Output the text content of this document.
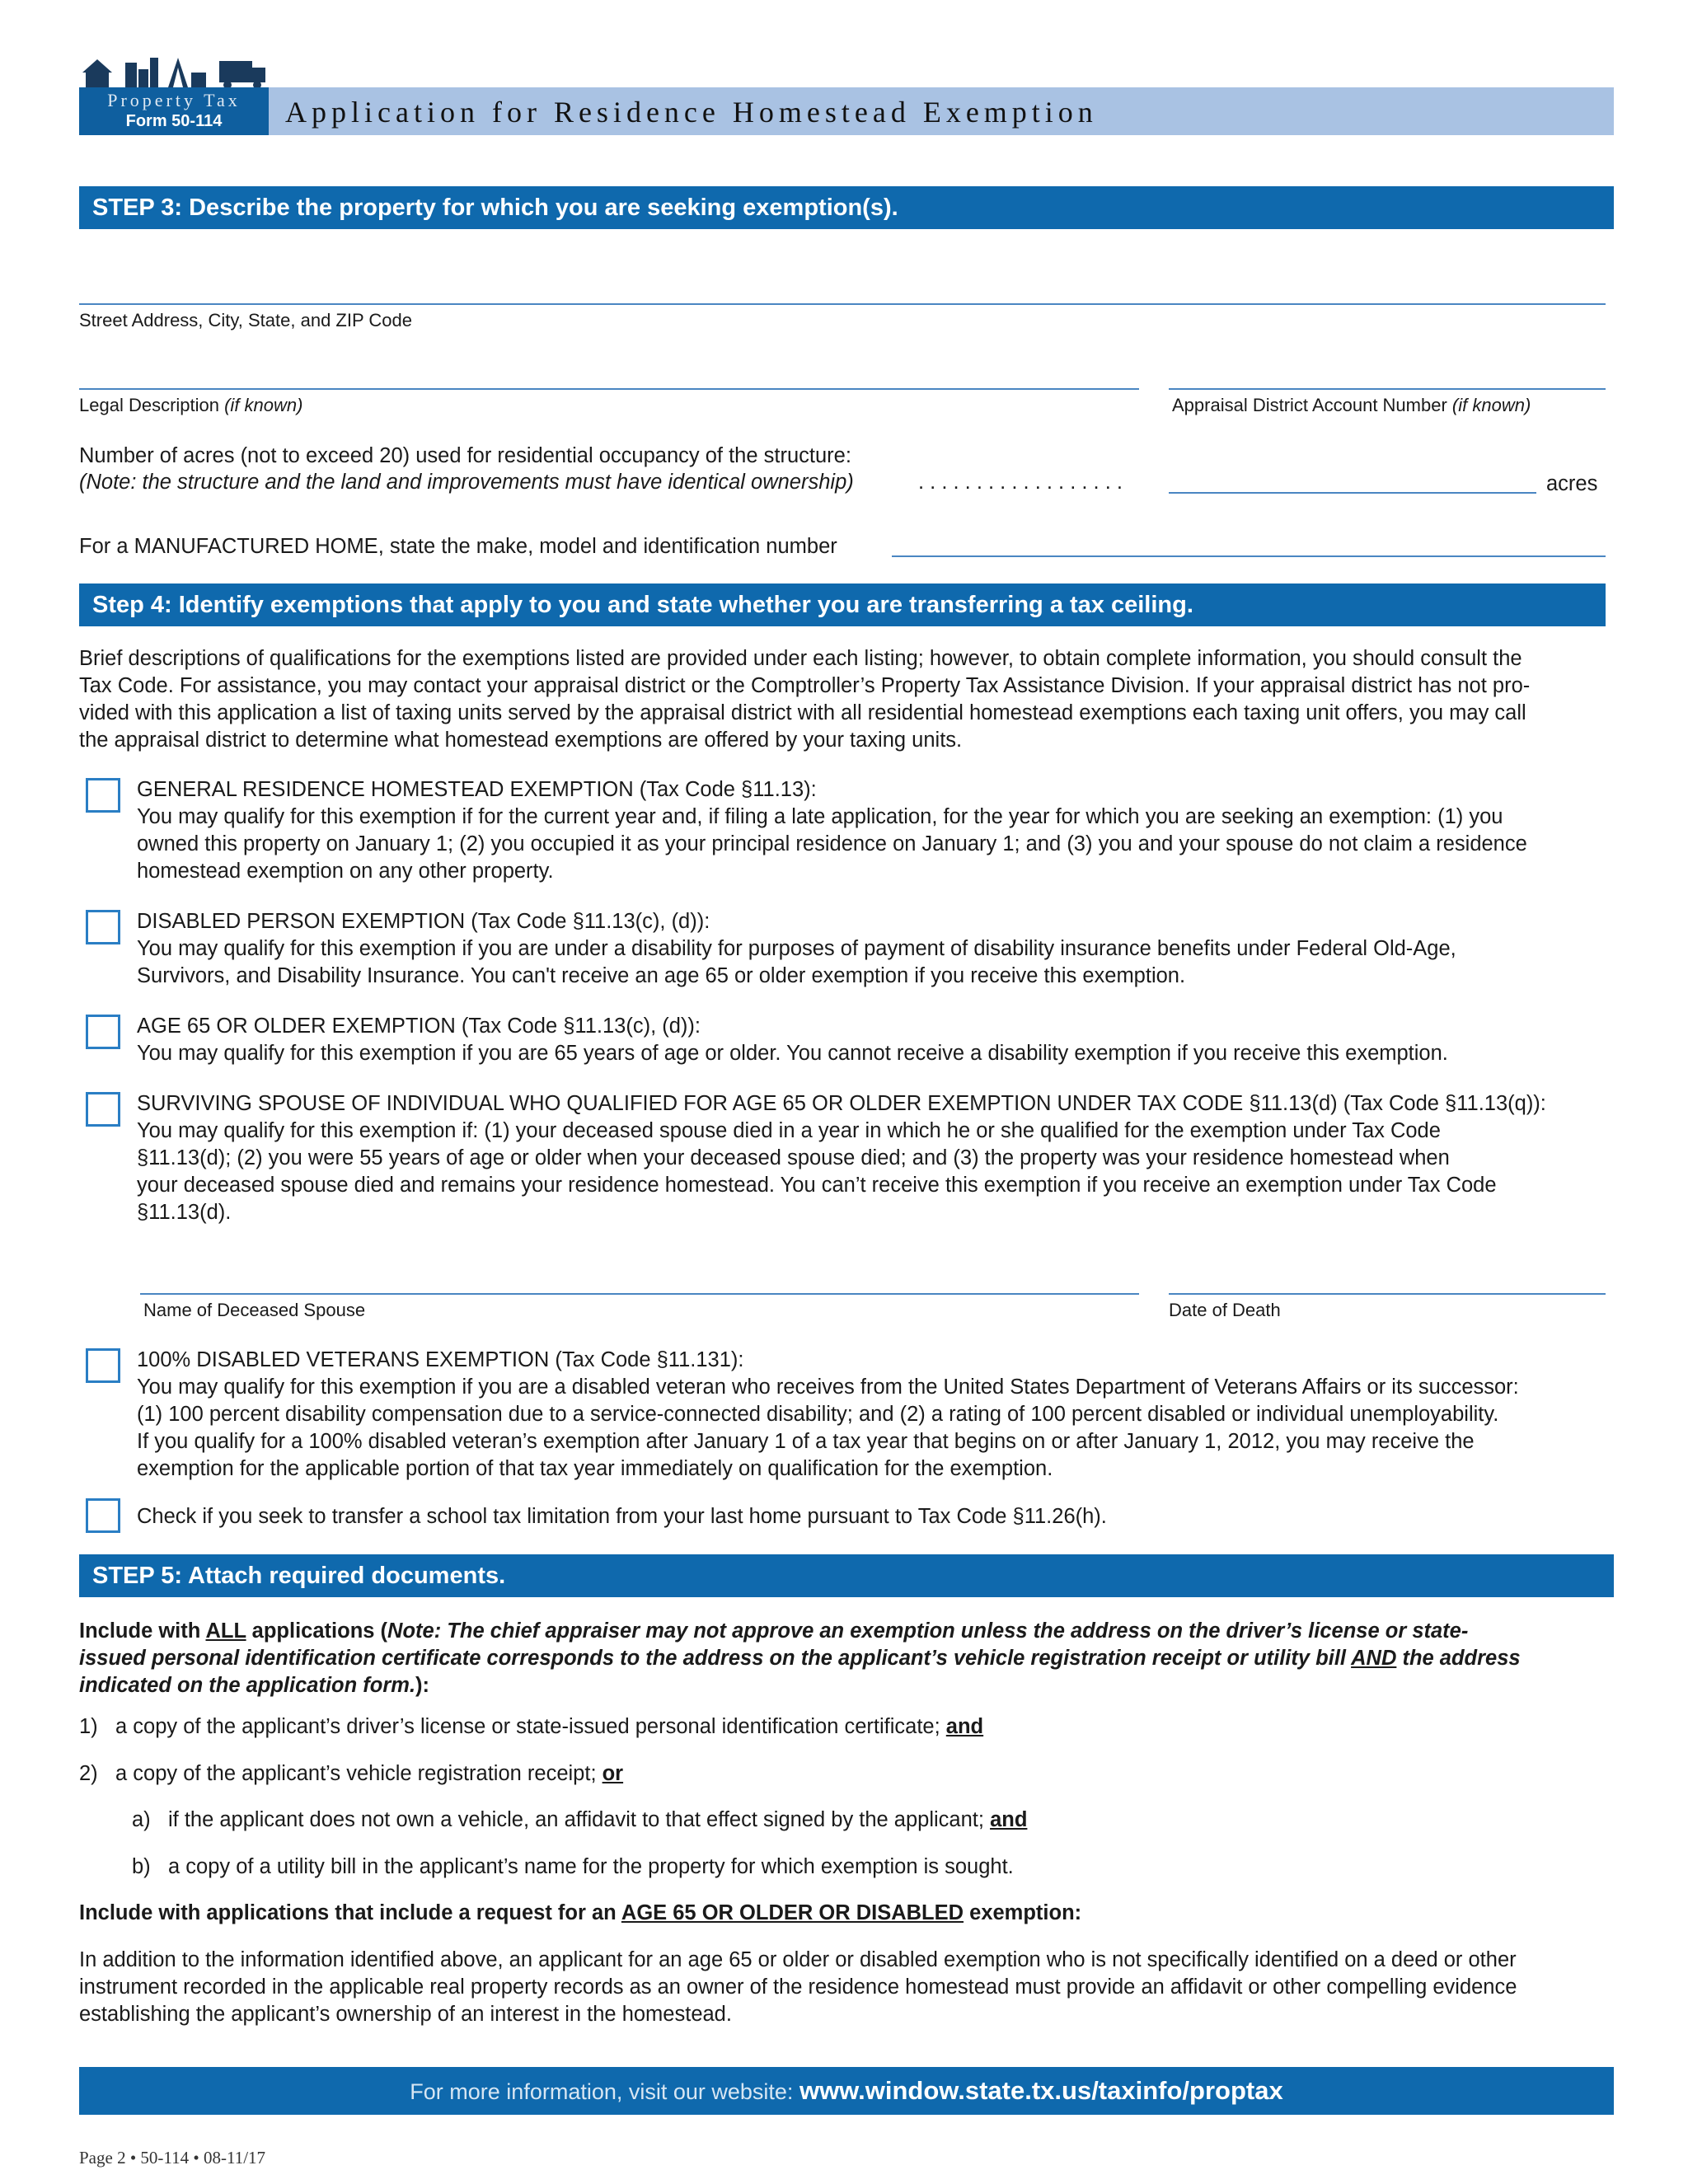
Property Tax
Form 50-114	Application for Residence Homestead Exemption
STEP 3: Describe the property for which you are seeking exemption(s).
Street Address, City, State, and ZIP Code
Legal Description (if known)	Appraisal District Account Number (if known)
Number of acres (not to exceed 20) used for residential occupancy of the structure:
(Note: the structure and the land and improvements must have identical ownership)	. . . . . . . . . . . . . . . . . .	acres
For a MANUFACTURED HOME, state the make, model and identification number
Step 4: Identify exemptions that apply to you and state whether you are transferring a tax ceiling.
Brief descriptions of qualifications for the exemptions listed are provided under each listing; however, to obtain complete information, you should consult the
Tax Code. For assistance, you may contact your appraisal district or the Comptroller’s Property Tax Assistance Division. If your appraisal district has not pro-
vided with this application a list of taxing units served by the appraisal district with all residential homestead exemptions each taxing unit offers, you may call
the appraisal district to determine what homestead exemptions are offered by your taxing units.
GENERAL RESIDENCE HOMESTEAD EXEMPTION (Tax Code §11.13):
You may qualify for this exemption if for the current year and, if filing a late application, for the year for which you are seeking an exemption: (1) you
owned this property on January 1; (2) you occupied it as your principal residence on January 1; and (3) you and your spouse do not claim a residence
homestead exemption on any other property.
DISABLED PERSON EXEMPTION (Tax Code §11.13(c), (d)):
You may qualify for this exemption if you are under a disability for purposes of payment of disability insurance benefits under Federal Old-Age,
Survivors, and Disability Insurance. You can't receive an age 65 or older exemption if you receive this exemption.
AGE 65 OR OLDER EXEMPTION (Tax Code §11.13(c), (d)):
You may qualify for this exemption if you are 65 years of age or older. You cannot receive a disability exemption if you receive this exemption.
SURVIVING SPOUSE OF INDIVIDUAL WHO QUALIFIED FOR AGE 65 OR OLDER EXEMPTION UNDER TAX CODE §11.13(d) (Tax Code §11.13(q)):
You may qualify for this exemption if: (1) your deceased spouse died in a year in which he or she qualified for the exemption under Tax Code
§11.13(d); (2) you were 55 years of age or older when your deceased spouse died; and (3) the property was your residence homestead when
your deceased spouse died and remains your residence homestead. You can’t receive this exemption if you receive an exemption under Tax Code
§11.13(d).
Name of Deceased Spouse	Date of Death
100% DISABLED VETERANS EXEMPTION (Tax Code §11.131):
You may qualify for this exemption if you are a disabled veteran who receives from the United States Department of Veterans Affairs or its successor:
(1) 100 percent disability compensation due to a service-connected disability; and (2) a rating of 100 percent disabled or individual unemployability.
If you qualify for a 100% disabled veteran’s exemption after January 1 of a tax year that begins on or after January 1, 2012, you may receive the
exemption for the applicable portion of that tax year immediately on qualification for the exemption.
Check if you seek to transfer a school tax limitation from your last home pursuant to Tax Code §11.26(h).
STEP 5: Attach required documents.
Include with ALL applications (Note: The chief appraiser may not approve an exemption unless the address on the driver’s license or state-
issued personal identification certificate corresponds to the address on the applicant’s vehicle registration receipt or utility bill AND the address
indicated on the application form.):
1) a copy of the applicant’s driver’s license or state-issued personal identification certificate; and
2) a copy of the applicant’s vehicle registration receipt; or
a) if the applicant does not own a vehicle, an affidavit to that effect signed by the applicant; and
b) a copy of a utility bill in the applicant’s name for the property for which exemption is sought.
Include with applications that include a request for an AGE 65 OR OLDER OR DISABLED exemption:
In addition to the information identified above, an applicant for an age 65 or older or disabled exemption who is not specifically identified on a deed or other
instrument recorded in the applicable real property records as an owner of the residence homestead must provide an affidavit or other compelling evidence
establishing the applicant’s ownership of an interest in the homestead.
For more information, visit our website: www.window.state.tx.us/taxinfo/proptax
Page 2 • 50-114 • 08-11/17
